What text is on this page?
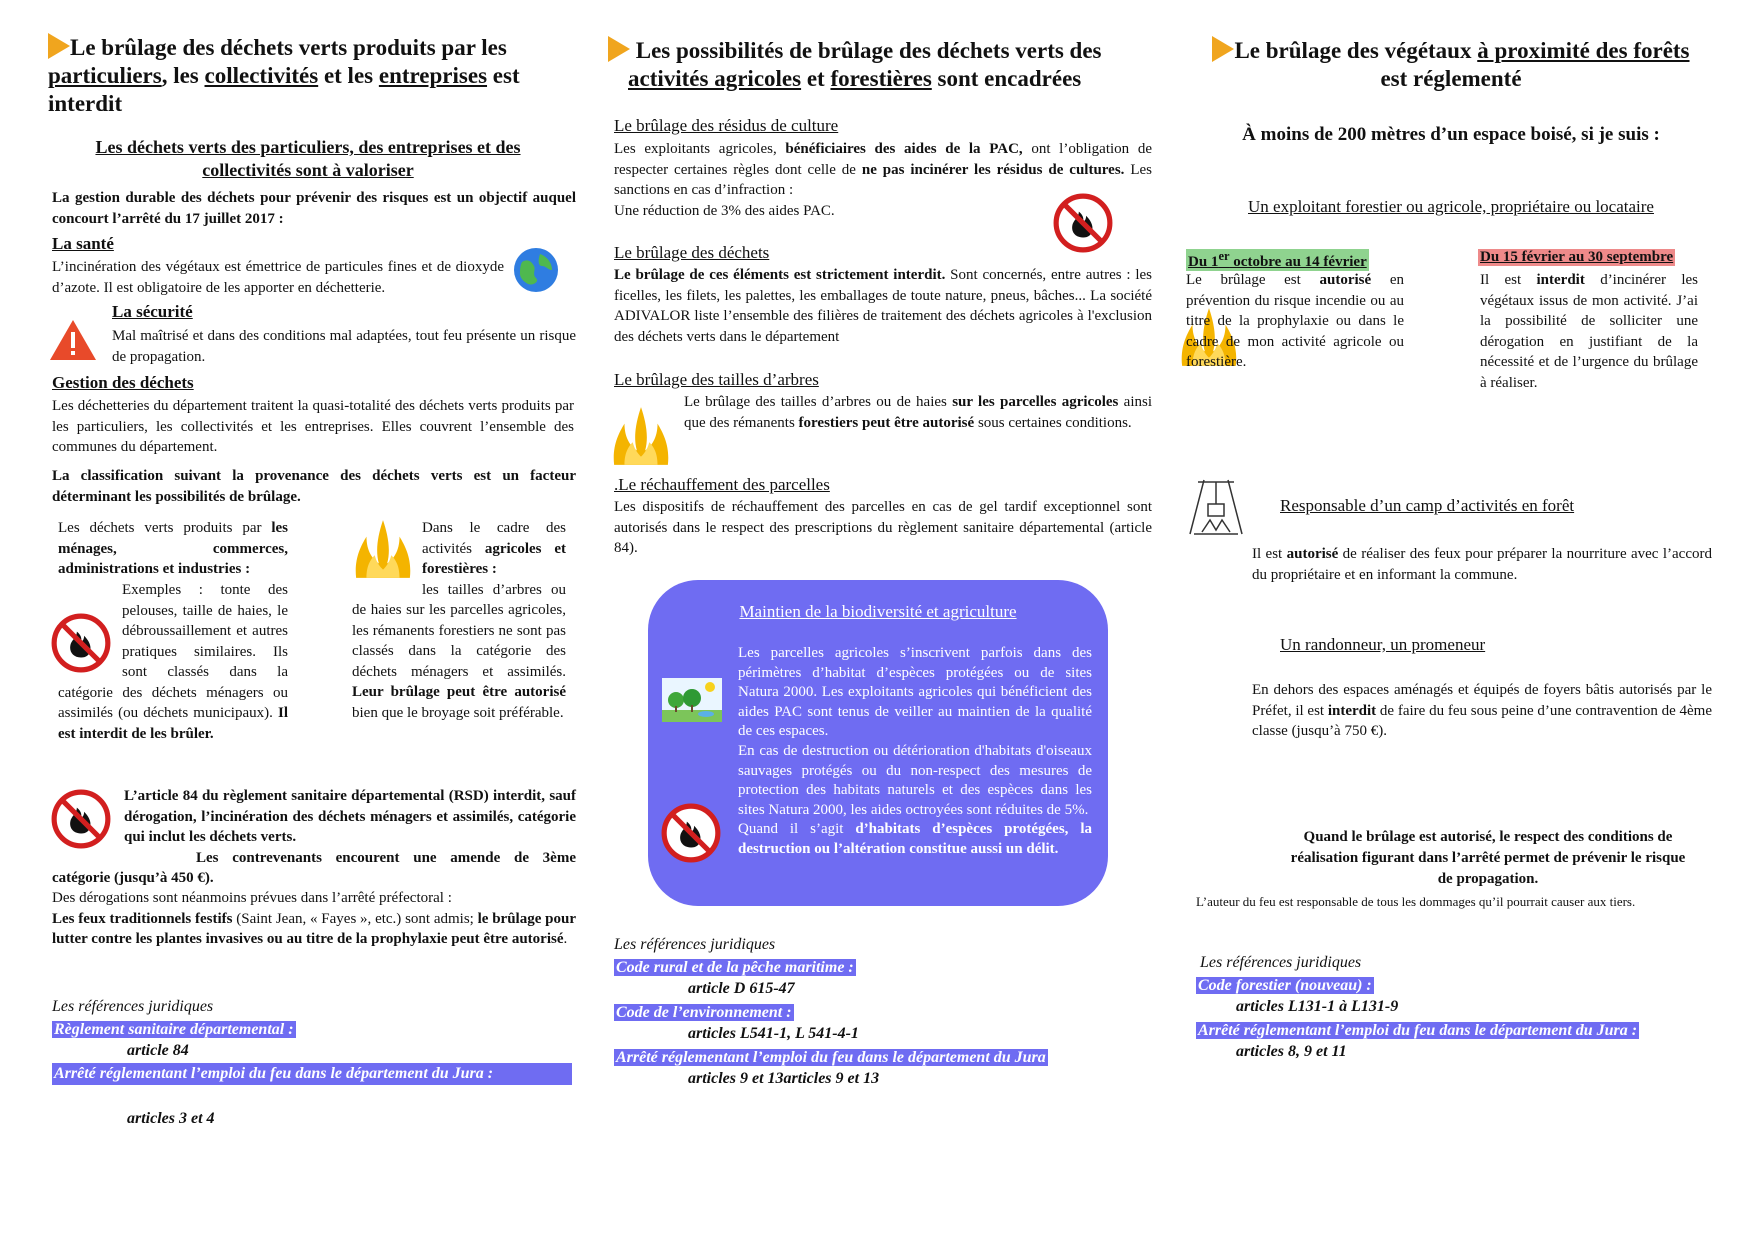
Le brûlage des déchets verts produits par les
particuliers, les collectivités et les entreprises est
interdit
Les déchets verts des particuliers, des entreprises et des
collectivités sont à valoriser
La gestion durable des déchets pour prévenir des risques est un objectif auquel concourt l’arrêté du 17 juillet 2017 :
La santé
L’incinération des végétaux est émettrice de particules fines et de dioxyde d’azote. Il est obligatoire de les apporter en déchetterie.
La sécurité
Mal maîtrisé et dans des conditions mal adaptées, tout feu présente un risque de propagation.
Gestion des déchets
Les déchetteries du département traitent la quasi-totalité des déchets verts produits par les particuliers, les collectivités et les entreprises. Elles couvrent l’ensemble des communes du département.
La classification suivant la provenance des déchets verts est un facteur déterminant les possibilités de brûlage.
Les déchets verts produits par les ménages, commerces, administrations et industries :
Exemples : tonte des pelouses, taille de haies, le débroussaillement et autres pratiques similaires. Ils sont classés dans la catégorie des déchets ménagers ou assimilés (ou déchets municipaux). Il est interdit de les brûler.
Dans le cadre des activités agricoles et forestières :
les tailles d’arbres ou de haies sur les parcelles agricoles, les rémanents forestiers ne sont pas classés dans la catégorie des déchets ménagers et assimilés. Leur brûlage peut être autorisé bien que le broyage soit préférable.
L’article 84 du règlement sanitaire départemental (RSD) interdit, sauf dérogation, l’incinération des déchets ménagers et assimilés, catégorie qui inclut les déchets verts.
Les contrevenants encourent une amende de 3ème catégorie (jusqu’à 450 €).
Des dérogations sont néanmoins prévues dans l’arrêté préfectoral :
Les feux traditionnels festifs (Saint Jean, « Fayes », etc.) sont admis; le brûlage pour lutter contre les plantes invasives ou au titre de la prophylaxie peut être autorisé.
Les références juridiques
Règlement sanitaire départemental :
article 84
Arrêté réglementant l’emploi du feu dans le département du Jura :
articles 3 et 4
Les possibilités de brûlage des déchets verts des
activités agricoles et forestières sont encadrées
Le brûlage des résidus de culture
Les exploitants agricoles, bénéficiaires des aides de la PAC, ont l’obligation de respecter certaines règles dont celle de ne pas incinérer les résidus de cultures. Les sanctions en cas d’infraction :
Une réduction de 3% des aides PAC.
Le brûlage des déchets
Le brûlage de ces éléments est strictement interdit. Sont concernés, entre autres : les ficelles, les filets, les palettes, les emballages de toute nature, pneus, bâches... La société ADIVALOR liste l’ensemble des filières de traitement des déchets agricoles à l'exclusion des déchets verts dans le département
Le brûlage des tailles d’arbres
Le brûlage des tailles d’arbres ou de haies sur les parcelles agricoles ainsi que des rémanents forestiers peut être autorisé sous certaines conditions.
.Le réchauffement des parcelles
Les dispositifs de réchauffement des parcelles en cas de gel tardif exceptionnel sont autorisés dans le respect des prescriptions du règlement sanitaire départemental (article 84).
Maintien de la biodiversité et agriculture
Les parcelles agricoles s’inscrivent parfois dans des périmètres d’habitat d’espèces protégées ou de sites Natura 2000. Les exploitants agricoles qui bénéficient des aides PAC sont tenus de veiller au maintien de la qualité de ces espaces.
En cas de destruction ou détérioration d'habitats d'oiseaux sauvages protégés ou du non-respect des mesures de protection des habitats naturels et des espèces dans les sites Natura 2000, les aides octroyées sont réduites de 5%.
Quand il s’agit d’habitats d’espèces protégées, la destruction ou l’altération constitue aussi un délit.
Les références juridiques
Code rural et de la pêche maritime :
article D 615-47
Code de l’environnement :
articles L541-1, L 541-4-1
Arrêté réglementant l’emploi du feu dans le département du Jura
articles 9 et 13articles 9 et 13
Le brûlage des végétaux à proximité des forêts
est réglementé
À moins de 200 mètres d’un espace boisé, si je suis :
Un exploitant forestier ou agricole, propriétaire ou locataire
Du 1er octobre au 14 février
Le brûlage est autorisé en prévention du risque incendie ou au titre de la prophylaxie ou dans le cadre de mon activité agricole ou forestière.
Du 15 février au 30 septembre
Il est interdit d’incinérer les végétaux issus de mon activité. J’ai la possibilité de solliciter une dérogation en justifiant de la nécessité et de l’urgence du brûlage à réaliser.
Responsable d’un camp d’activités en forêt
Il est autorisé de réaliser des feux pour préparer la nourriture avec l’accord du propriétaire et en informant la commune.
Un randonneur, un promeneur
En dehors des espaces aménagés et équipés de foyers bâtis autorisés par le Préfet, il est interdit de faire du feu sous peine d’une contravention de 4ème classe (jusqu’à 750 €).
Quand le brûlage est autorisé, le respect des conditions de réalisation figurant dans l’arrêté permet de prévenir le risque de propagation.
L’auteur du feu est responsable de tous les dommages qu’il pourrait causer aux tiers.
Les références juridiques
Code forestier (nouveau) :
articles L131-1 à L131-9
Arrêté réglementant l’emploi du feu dans le département du Jura :
articles 8, 9 et 11
